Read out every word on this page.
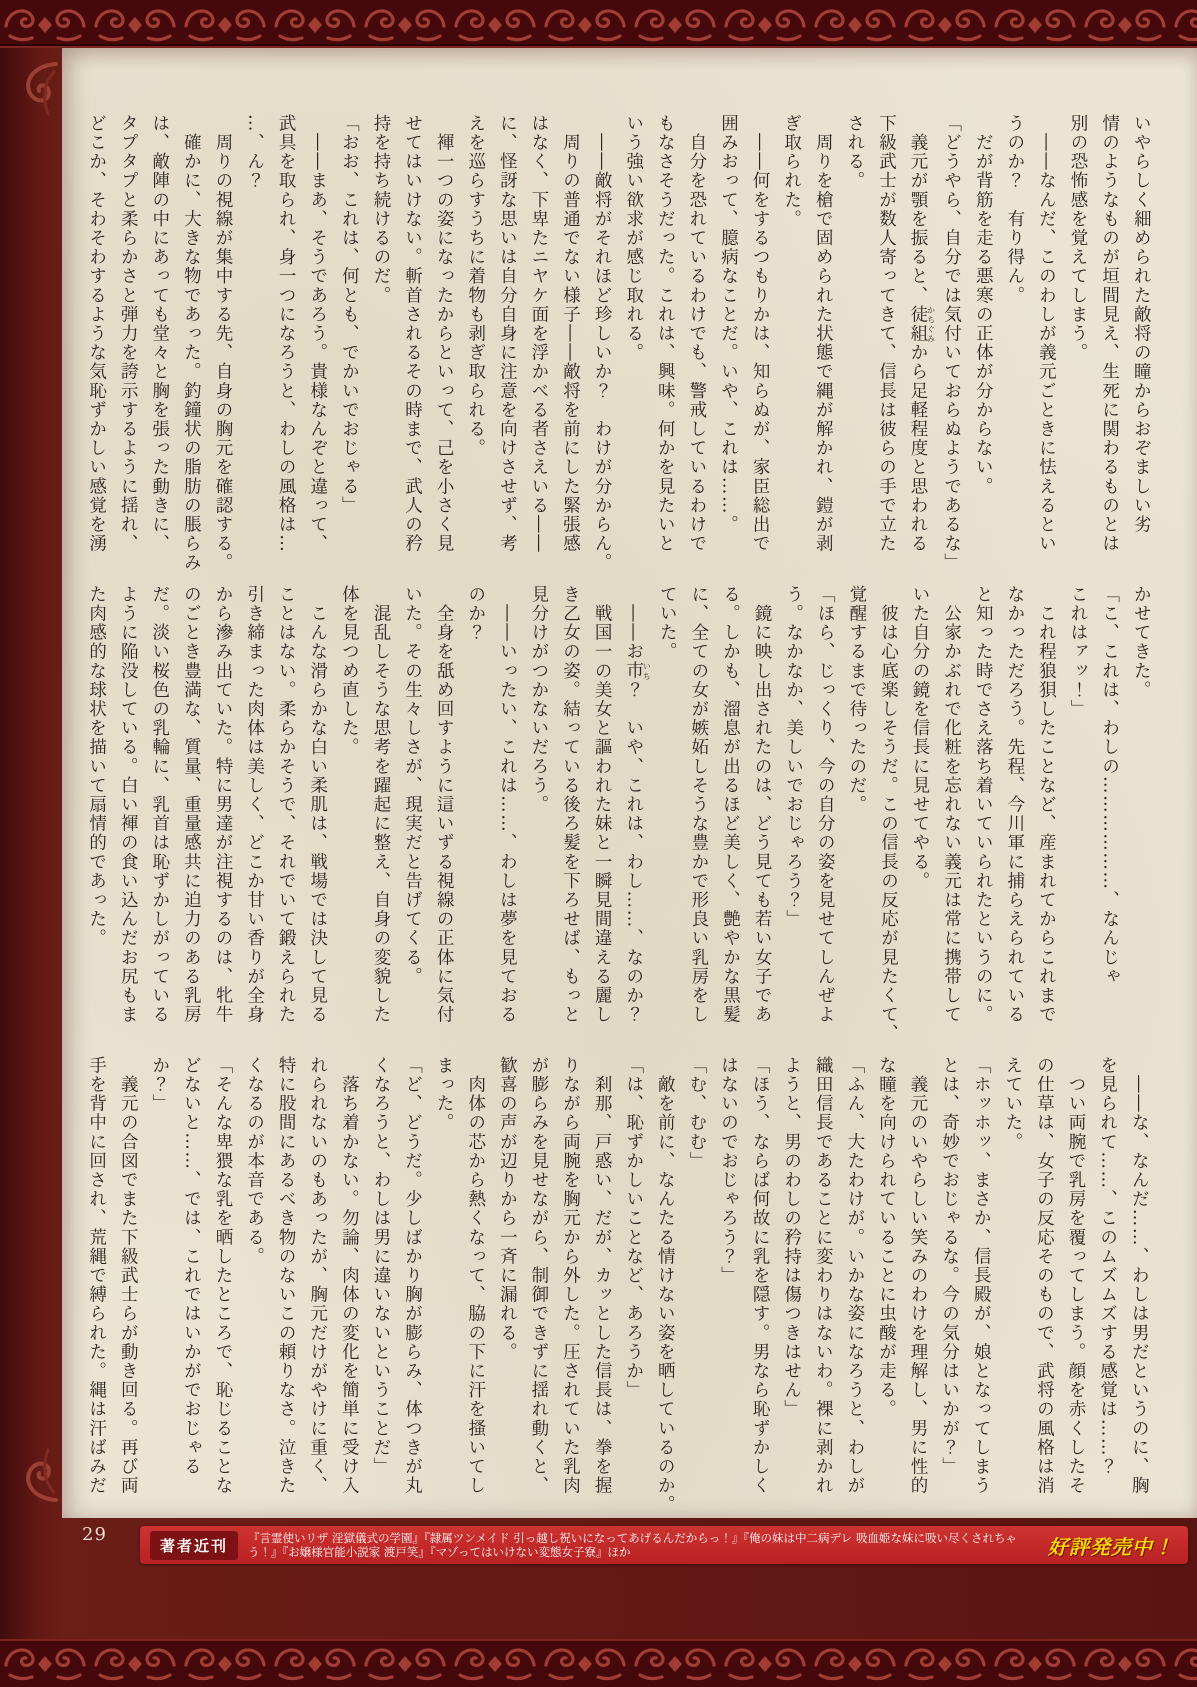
いやらしく細められた敵将の瞳からおぞましい劣

情のようなものが垣間見え、生死に関わるものとは

別の恐怖感を覚えてしまう。

　――なんだ、このわしが義元ごときに怯えるとい

うのか？　有り得ん。

　だが背筋を走る悪寒の正体が分からない。

「どうやら、自分では気付いておらぬようであるな」

　義元が顎を振ると、徒組かちぐみから足軽程度と思われる

下級武士が数人寄ってきて、信長は彼らの手で立た

される。

　周りを槍で固められた状態で縄が解かれ、鎧が剥

ぎ取られた。

　――何をするつもりかは、知らぬが、家臣総出で

囲みおって、臆病なことだ。いや、これは……。

　自分を恐れているわけでも、警戒しているわけで

もなさそうだった。これは、興味。何かを見たいと

いう強い欲求が感じ取れる。

　――敵将がそれほど珍しいか？　わけが分からん。

　周りの普通でない様子――敵将を前にした緊張感

はなく、下卑たニヤケ面を浮かべる者さえいる――

に、怪訝な思いは自分自身に注意を向けさせず、考

えを巡らすうちに着物も剥ぎ取られる。

　褌一つの姿になったからといって、己を小さく見

せてはいけない。斬首されるその時まで、武人の矜

持を持ち続けるのだ。

「おお、これは、何とも、でかいでおじゃる」

　――まあ、そうであろう。貴様なんぞと違って、

武具を取られ、身一つになろうと、わしの風格は…

…、ん？

　周りの視線が集中する先、自身の胸元を確認する。

　確かに、大きな物であった。釣鐘状の脂肪の脹らみ

は、敵陣の中にあっても堂々と胸を張った動きに、

タプタプと柔らかさと弾力を誇示するように揺れ、

どこか、そわそわするような気恥ずかしい感覚を湧

かせてきた。

「こ、これは、わしの………………、なんじゃ

これはァッ！」

　これ程狼狽したことなど、産まれてからこれまで

なかっただろう。先程、今川軍に捕らえられている

と知った時でさえ落ち着いていられたというのに。

　公家かぶれで化粧を忘れない義元は常に携帯して

いた自分の鏡を信長に見せてやる。

　彼は心底楽しそうだ。この信長の反応が見たくて、

覚醒するまで待ったのだ。

「ほら、じっくり、今の自分の姿を見せてしんぜよ

う。なかなか、美しいでおじゃろう？」

　鏡に映し出されたのは、どう見ても若い女子であ

る。しかも、溜息が出るほど美しく、艶やかな黒髪

に、全ての女が嫉妬しそうな豊かで形良い乳房をし

ていた。

　――お市いち？　いや、これは、わし……、なのか？

　戦国一の美女と謳われた妹と一瞬見間違える麗し

き乙女の姿。結っている後ろ髪を下ろせば、もっと

見分けがつかないだろう。

　――いったい、これは……、わしは夢を見ておる

のか？

　全身を舐め回すように這いずる視線の正体に気付

いた。その生々しさが、現実だと告げてくる。

　混乱しそうな思考を躍起に整え、自身の変貌した

体を見つめ直した。

　こんな滑らかな白い柔肌は、戦場では決して見る

ことはない。柔らかそうで、それでいて鍛えられた

引き締まった肉体は美しく、どこか甘い香りが全身

から滲み出ていた。特に男達が注視するのは、牝牛

のごとき豊満な、質量、重量感共に迫力のある乳房

だ。淡い桜色の乳輪に、乳首は恥ずかしがっている

ように陥没している。白い褌の食い込んだお尻もま

た肉感的な球状を描いて扇情的であった。

　――な、なんだ……、わしは男だというのに、胸

を見られて……、このムズムズする感覚は……？

　つい両腕で乳房を覆ってしまう。顔を赤くしたそ

の仕草は、女子の反応そのもので、武将の風格は消

えていた。

「ホッホッ、まさか、信長殿が、娘となってしまう

とは、奇妙でおじゃるな。今の気分はいかが？」

　義元のいやらしい笑みのわけを理解し、男に性的

な瞳を向けられていることに虫酸が走る。

「ふん、大たわけが。いかな姿になろうと、わしが

織田信長であることに変わりはないわ。裸に剥かれ

ようと、男のわしの矜持は傷つきはせん」

「ほう、ならば何故に乳を隠す。男なら恥ずかしく

はないのでおじゃろう？」

「む、むむ」

　敵を前に、なんたる情けない姿を晒しているのか。

「は、恥ずかしいことなど、あろうか」

　刹那、戸惑い、だが、カッとした信長は、拳を握

りながら両腕を胸元から外した。圧されていた乳肉

が膨らみを見せながら、制御できずに揺れ動くと、

歓喜の声が辺りから一斉に漏れる。

　肉体の芯から熱くなって、脇の下に汗を搔いてし

まった。

「ど、どうだ。少しばかり胸が膨らみ、体つきが丸

くなろうと、わしは男に違いないということだ」

　落ち着かない。勿論、肉体の変化を簡単に受け入

れられないのもあったが、胸元だけがやけに重く、

特に股間にあるべき物のないこの頼りなさ。泣きた

くなるのが本音である。

「そんな卑猥な乳を晒したところで、恥じることな

どないと……、では、これではいかがでおじゃる

か？」

　義元の合図でまた下級武士らが動き回る。再び両

手を背中に回され、荒縄で縛られた。縄は汗ばみだ

29
著者近刊	『言霊使いリザ 淫獄儀式の学園』『隷属ツンメイド 引っ越し祝いになってあげるんだからっ！』『俺の妹は中二病デレ 吸血姫な妹に吸い尽くされちゃう！』『お嬢様官能小説家 渡戸笑』『マゾってはいけない変態女子寮』ほか	好評発売中！
